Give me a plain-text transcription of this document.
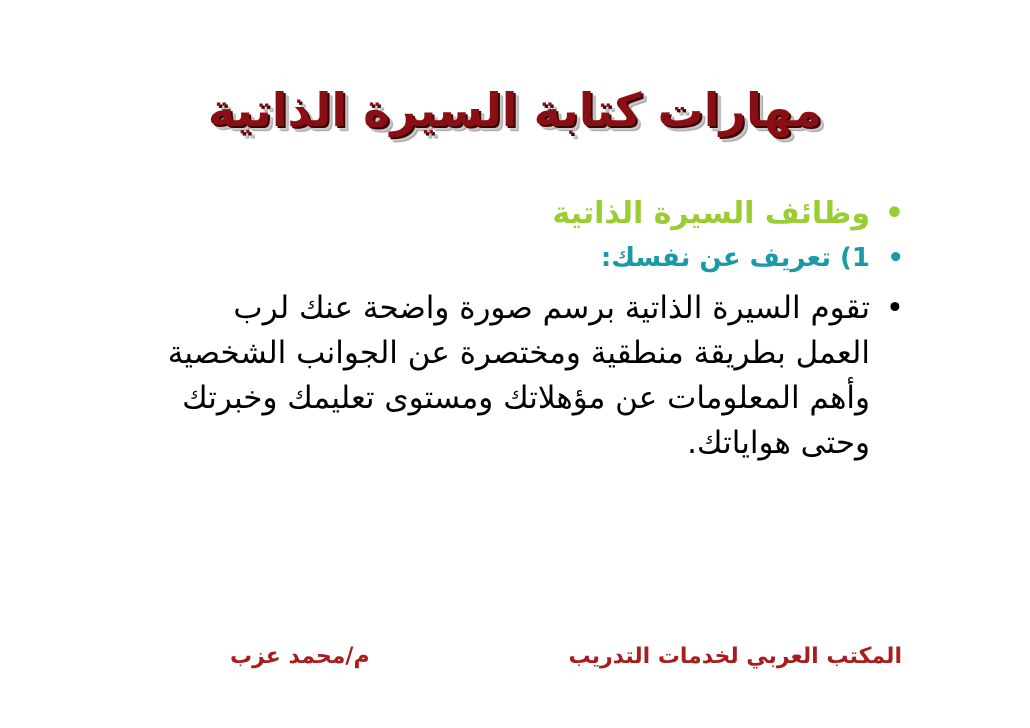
مهارات كتابة السيرة الذاتية
•
وظائف السيرة الذاتية
•
1) تعريف عن نفسك:
•
تقوم السيرة الذاتية برسم صورة واضحة عنك لرب العمل بطريقة منطقية ومختصرة عن الجوانب الشخصية وأهم المعلومات عن مؤهلاتك ومستوى تعليمك وخبرتك وحتى هواياتك.
المكتب العربي لخدمات التدريب
م/محمد عزب
